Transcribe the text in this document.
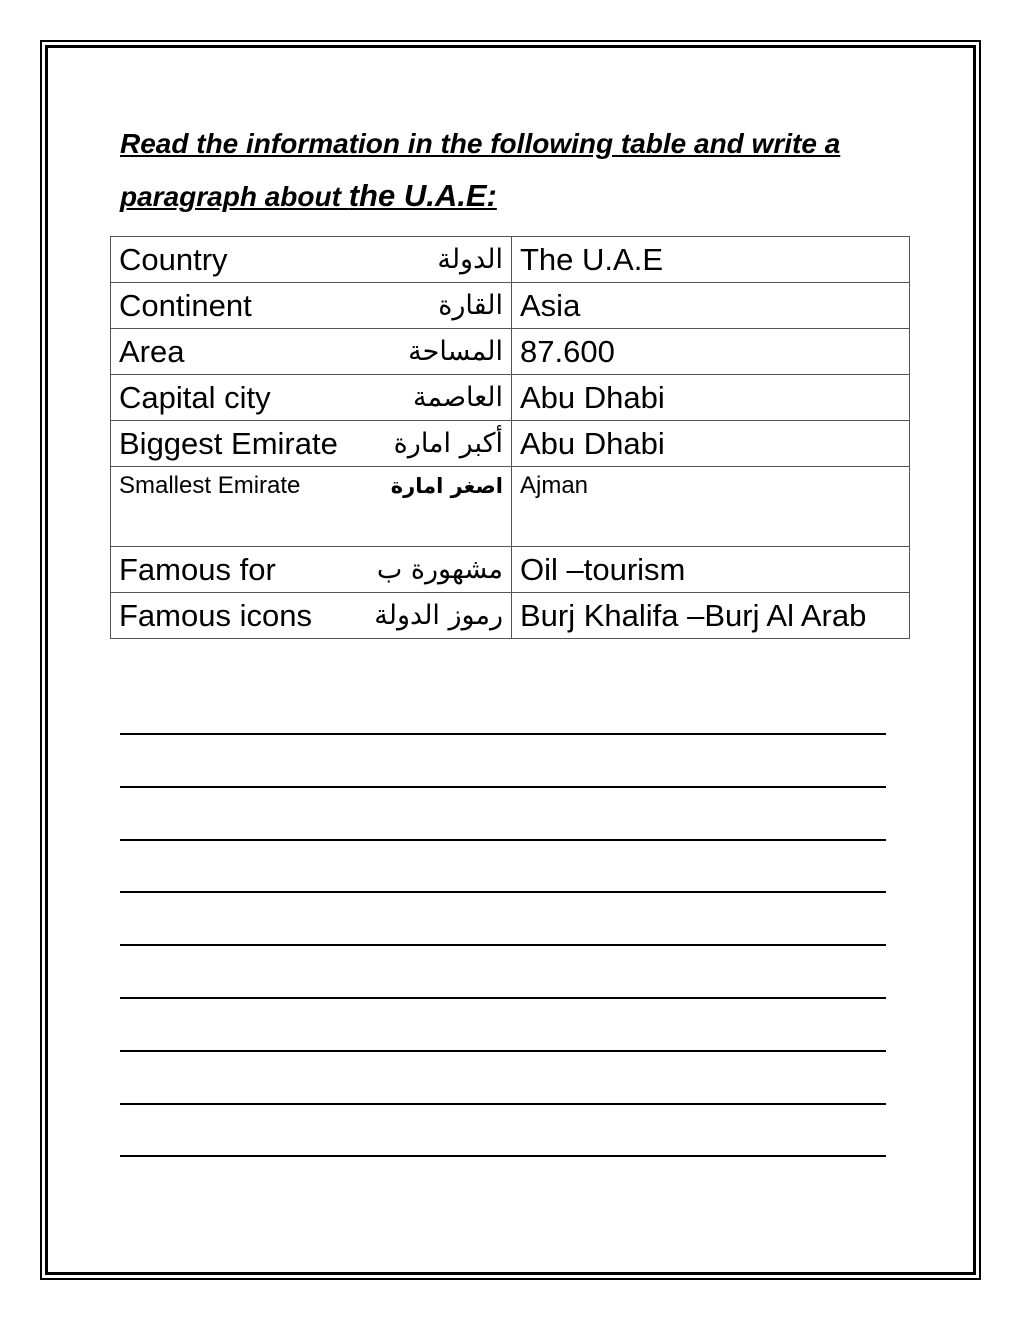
Read the information in the following table and write a paragraph about the U.A.E:

Country الدولة	The U.A.E

Continent القارة	Asia

Area المساحة	87.600

Capital city العاصمة	Abu Dhabi

Biggest Emirate أكبر امارة	Abu Dhabi

Smallest Emirate اصغر امارة	Ajman

Famous for مشهورة ب	Oil –tourism

Famous icons رموز الدولة	Burj Khalifa –Burj Al Arab
